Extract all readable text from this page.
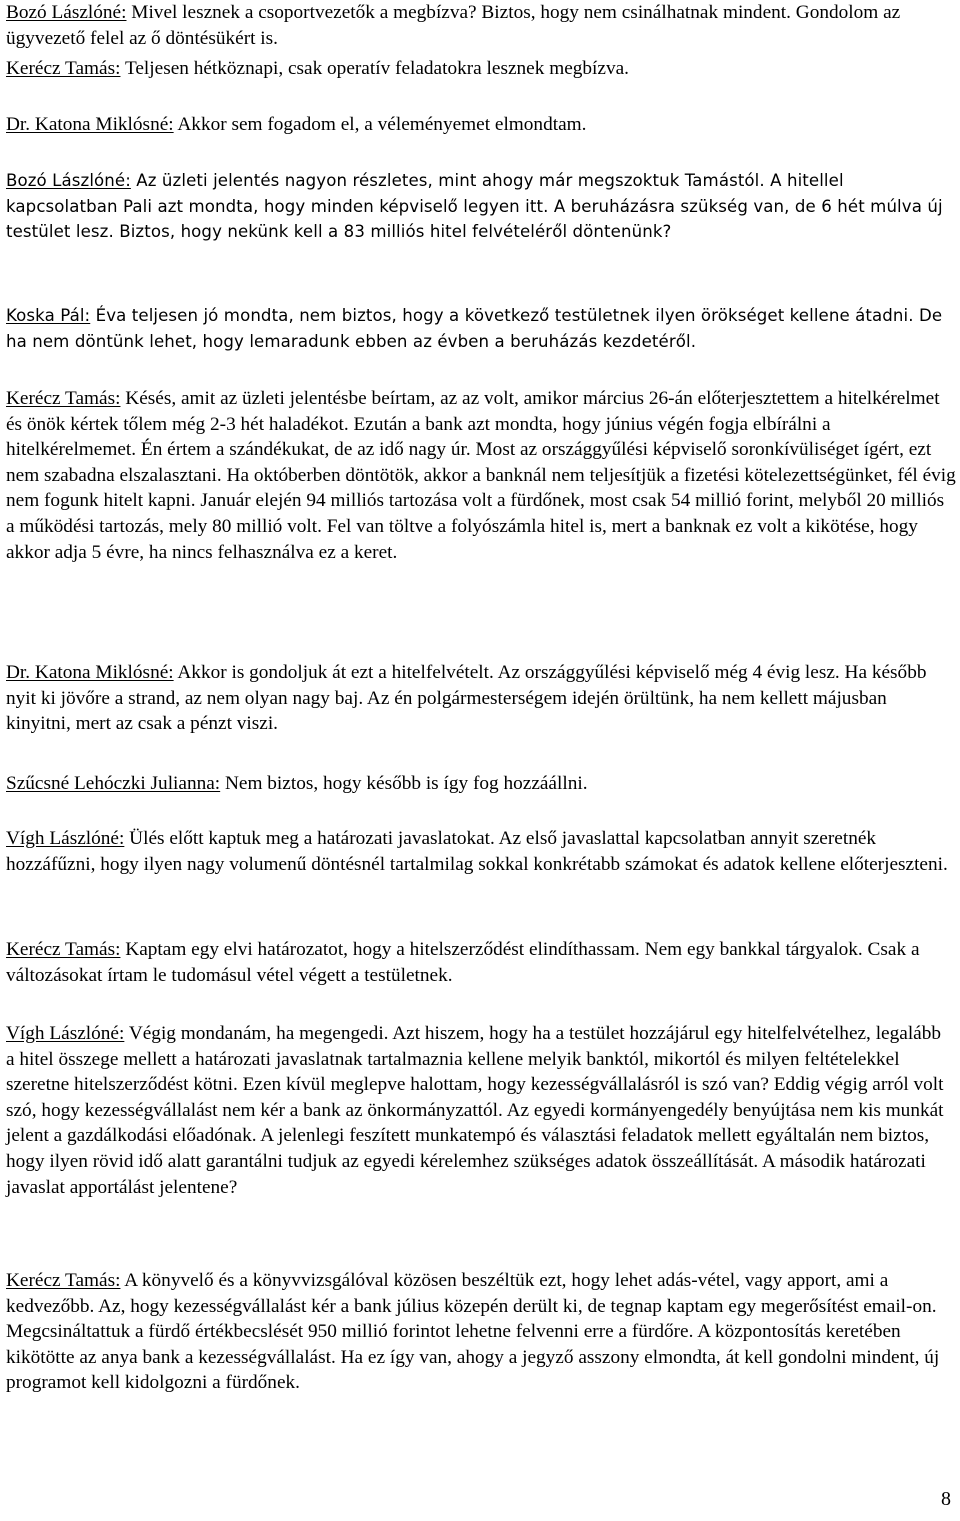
Bozó Lászlóné: Mivel lesznek a csoportvezetők a megbízva? Biztos, hogy nem csinálhatnak mindent. Gondolom az ügyvezető felel az ő döntésükért is.

Kerécz Tamás: Teljesen hétköznapi, csak operatív feladatokra lesznek megbízva.

Dr. Katona Miklósné: Akkor sem fogadom el, a véleményemet elmondtam.

Bozó Lászlóné: Az üzleti jelentés nagyon részletes, mint ahogy már megszoktuk Tamástól. A hitellel kapcsolatban Pali azt mondta, hogy minden képviselő legyen itt. A beruházásra szükség van, de 6 hét múlva új testület lesz. Biztos, hogy nekünk kell a 83 milliós hitel felvételéről döntenünk?

Koska Pál: Éva teljesen jó mondta, nem biztos, hogy a következő testületnek ilyen örökséget kellene átadni. De ha nem döntünk lehet, hogy lemaradunk ebben az évben a beruházás kezdetéről.

Kerécz Tamás: Késés, amit az üzleti jelentésbe beírtam, az az volt, amikor március 26-án előterjesztettem a hitelkérelmet és önök kértek tőlem még 2-3 hét haladékot. Ezután a bank azt mondta, hogy június végén fogja elbírálni a hitelkérelmemet. Én értem a szándékukat, de az idő nagy úr. Most az országgyűlési képviselő soronkívüliséget ígért, ezt nem szabadna elszalasztani. Ha októberben döntötök, akkor a banknál nem teljesítjük a fizetési kötelezettségünket, fél évig nem fogunk hitelt kapni. Január elején 94 milliós tartozása volt a fürdőnek, most csak 54 millió forint, melyből 20 milliós a működési tartozás, mely 80 millió volt. Fel van töltve a folyószámla hitel is, mert a banknak ez volt a kikötése, hogy akkor adja 5 évre, ha nincs felhasználva ez a keret.

Dr. Katona Miklósné: Akkor is gondoljuk át ezt a hitelfelvételt. Az országgyűlési képviselő még 4 évig lesz. Ha később nyit ki jövőre a strand, az nem olyan nagy baj. Az én polgármesterségem idején örültünk, ha nem kellett májusban kinyitni, mert az csak a pénzt viszi.

Szűcsné Lehóczki Julianna: Nem biztos, hogy később is így fog hozzáállni.

Vígh Lászlóné: Ülés előtt kaptuk meg a határozati javaslatokat. Az első javaslattal kapcsolatban annyit szeretnék hozzáfűzni, hogy ilyen nagy volumenű döntésnél tartalmilag sokkal konkrétabb számokat és adatok kellene előterjeszteni.

Kerécz Tamás: Kaptam egy elvi határozatot, hogy a hitelszerződést elindíthassam. Nem egy bankkal tárgyalok. Csak a változásokat írtam le tudomásul vétel végett a testületnek.

Vígh Lászlóné: Végig mondanám, ha megengedi. Azt hiszem, hogy ha a testület hozzájárul egy hitelfelvételhez, legalább a hitel összege mellett a határozati javaslatnak tartalmaznia kellene melyik banktól, mikortól és milyen feltételekkel szeretne hitelszerződést kötni. Ezen kívül meglepve halottam, hogy kezességvállalásról is szó van? Eddig végig arról volt szó, hogy kezességvállalást nem kér a bank az önkormányzattól. Az egyedi kormányengedély benyújtása nem kis munkát jelent a gazdálkodási előadónak. A jelenlegi feszített munkatempó és választási feladatok mellett egyáltalán nem biztos, hogy ilyen rövid idő alatt garantálni tudjuk az egyedi kérelemhez szükséges adatok összeállítását. A második határozati javaslat apportálást jelentene?

Kerécz Tamás: A könyvelő és a könyvvizsgálóval közösen beszéltük ezt, hogy lehet adás-vétel, vagy apport, ami a kedvezőbb. Az, hogy kezességvállalást kér a bank július közepén derült ki, de tegnap kaptam egy megerősítést email-on. Megcsináltattuk a fürdő értékbecslését 950 millió forintot lehetne felvenni erre a fürdőre. A központosítás keretében kikötötte az anya bank a kezességvállalást. Ha ez így van, ahogy a jegyző asszony elmondta, át kell gondolni mindent, új programot kell kidolgozni a fürdőnek.

8
